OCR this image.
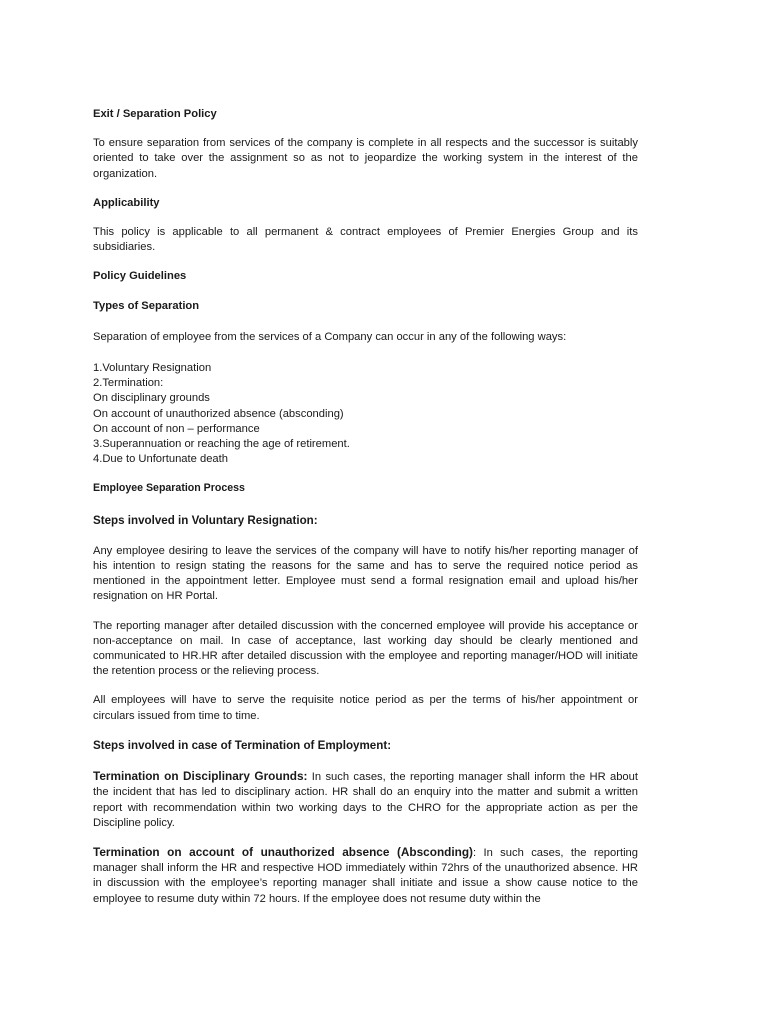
Exit / Separation Policy

To ensure separation from services of the company is complete in all respects and the successor is suitably oriented to take over the assignment so as not to jeopardize the working system in the interest of the organization.

Applicability

This policy is applicable to all permanent & contract employees of Premier Energies Group and its subsidiaries.

Policy Guidelines
Types of Separation

Separation of employee from the services of a Company can occur in any of the following ways:

1.Voluntary Resignation
2.Termination:
On disciplinary grounds
On account of unauthorized absence (absconding)
On account of non – performance
3.Superannuation or reaching the age of retirement.
4.Due to Unfortunate death
Employee Separation Process
Steps involved in Voluntary Resignation:

Any employee desiring to leave the services of the company will have to notify his/her reporting manager of his intention to resign stating the reasons for the same and has to serve the required notice period as mentioned in the appointment letter. Employee must send a formal resignation email and upload his/her resignation on HR Portal.

The reporting manager after detailed discussion with the concerned employee will provide his acceptance or non-acceptance on mail. In case of acceptance, last working day should be clearly mentioned and communicated to HR.HR after detailed discussion with the employee and reporting manager/HOD will initiate the retention process or the relieving process.

All employees will have to serve the requisite notice period as per the terms of his/her appointment or circulars issued from time to time.

Steps involved in case of Termination of Employment:

Termination on Disciplinary Grounds: In such cases, the reporting manager shall inform the HR about the incident that has led to disciplinary action. HR shall do an enquiry into the matter and submit a written report with recommendation within two working days to the CHRO for the appropriate action as per the Discipline policy.

Termination on account of unauthorized absence (Absconding): In such cases, the reporting manager shall inform the HR and respective HOD immediately within 72hrs of the unauthorized absence. HR in discussion with the employee’s reporting manager shall initiate and issue a show cause notice to the employee to resume duty within 72 hours. If the employee does not resume duty within the
